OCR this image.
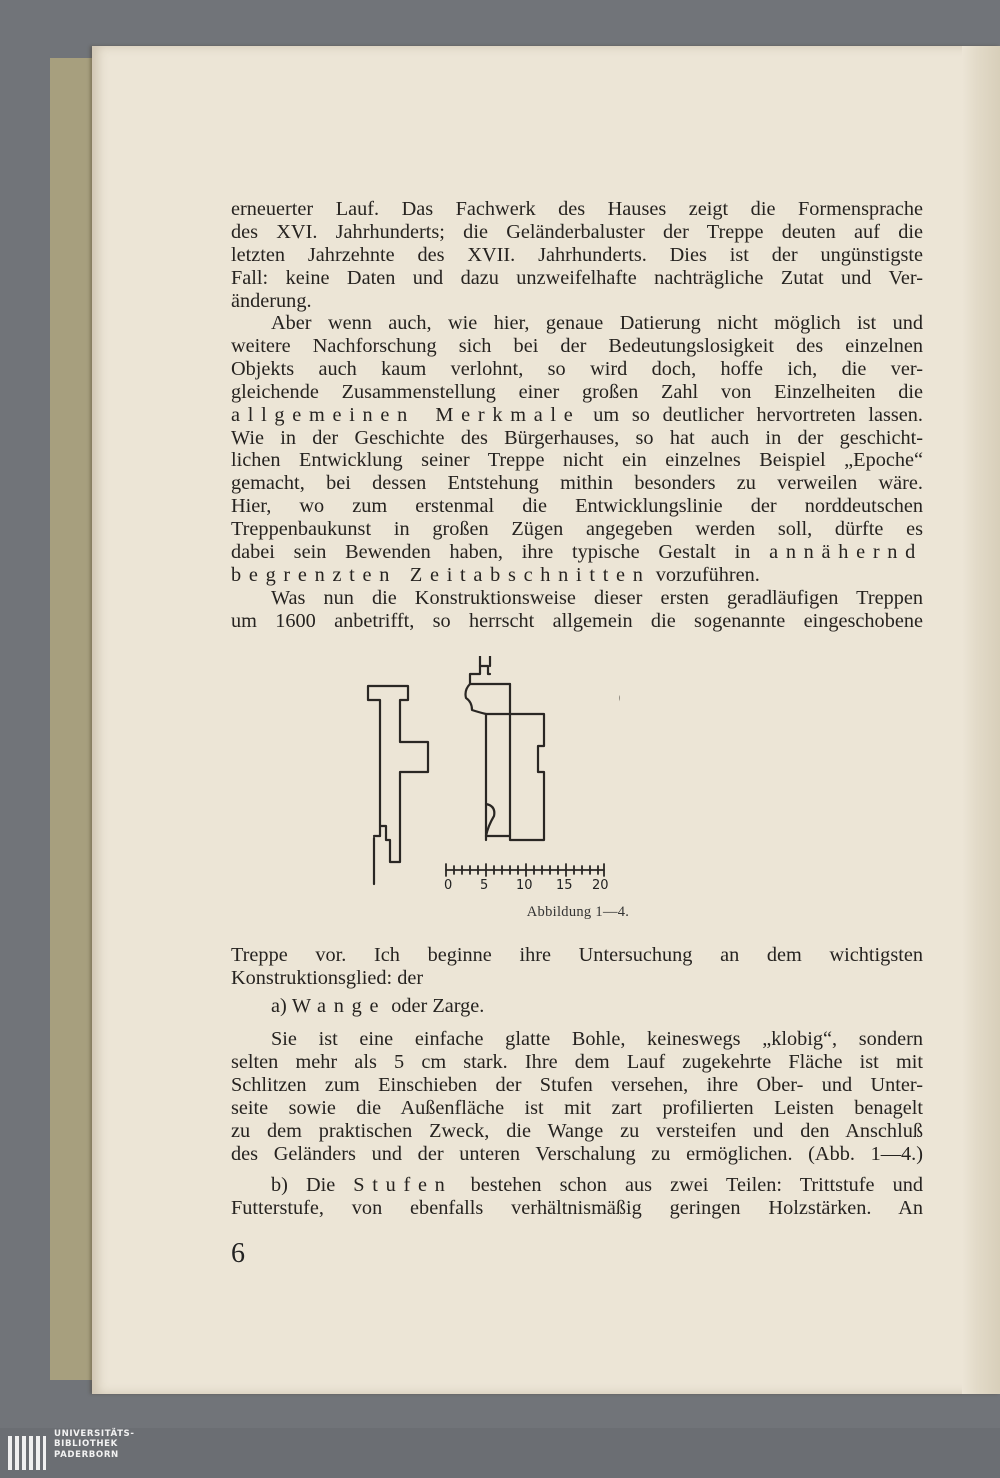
erneuerter Lauf. Das Fachwerk des Hauses zeigt die Formensprache

des XVI. Jahrhunderts; die Geländerbaluster der Treppe deuten auf die

letzten Jahrzehnte des XVII. Jahrhunderts. Dies ist der ungünstigste

Fall: keine Daten und dazu unzweifelhafte nachträgliche Zutat und Ver-

änderung.

Aber wenn auch, wie hier, genaue Datierung nicht möglich ist und

weitere Nachforschung sich bei der Bedeutungslosigkeit des einzelnen

Objekts auch kaum verlohnt, so wird doch, hoffe ich, die ver-

gleichende Zusammenstellung einer großen Zahl von Einzelheiten die

allgemeinen Merkmale um so deutlicher hervortreten lassen.

Wie in der Geschichte des Bürgerhauses, so hat auch in der geschicht-

lichen Entwicklung seiner Treppe nicht ein einzelnes Beispiel „Epoche“

gemacht, bei dessen Entstehung mithin besonders zu verweilen wäre.

Hier, wo zum erstenmal die Entwicklungslinie der norddeutschen

Treppenbaukunst in großen Zügen angegeben werden soll, dürfte es

dabei sein Bewenden haben, ihre typische Gestalt in annähernd

begrenzten Zeitabschnitten vorzuführen.

Was nun die Konstruktionsweise dieser ersten geradläufigen Treppen

um 1600 anbetrifft, so herrscht allgemein die sogenannte eingeschobene

0 5 10 15 20
Abbildung 1—4.

Treppe vor. Ich beginne ihre Untersuchung an dem wichtigsten

Konstruktionsglied: der

a) Wange oder Zarge.

Sie ist eine einfache glatte Bohle, keineswegs „klobig“, sondern

selten mehr als 5 cm stark. Ihre dem Lauf zugekehrte Fläche ist mit

Schlitzen zum Einschieben der Stufen versehen, ihre Ober- und Unter-

seite sowie die Außenfläche ist mit zart profilierten Leisten benagelt

zu dem praktischen Zweck, die Wange zu versteifen und den Anschluß

des Geländers und der unteren Verschalung zu ermöglichen. (Abb. 1—4.)

b) Die Stufen bestehen schon aus zwei Teilen: Trittstufe und

Futterstufe, von ebenfalls verhältnismäßig geringen Holzstärken. An

6
UNIVERSITÄTS-
BIBLIOTHEK
PADERBORN
